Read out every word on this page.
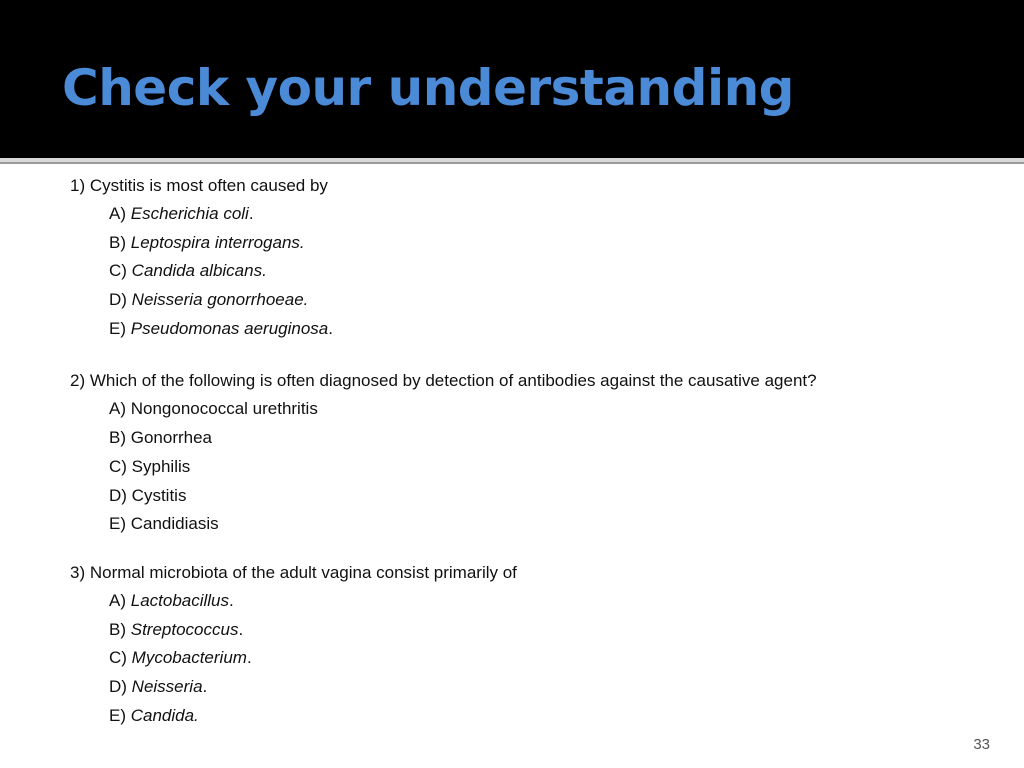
Check your understanding
1) Cystitis is most often caused by
A) Escherichia coli.
B) Leptospira interrogans.
C) Candida albicans.
D) Neisseria gonorrhoeae.
E) Pseudomonas aeruginosa.
2) Which of the following is often diagnosed by detection of antibodies against the causative agent?
A) Nongonococcal urethritis
B) Gonorrhea
C) Syphilis
D) Cystitis
E) Candidiasis
3) Normal microbiota of the adult vagina consist primarily of
A) Lactobacillus.
B) Streptococcus.
C) Mycobacterium.
D) Neisseria.
E) Candida.
33
